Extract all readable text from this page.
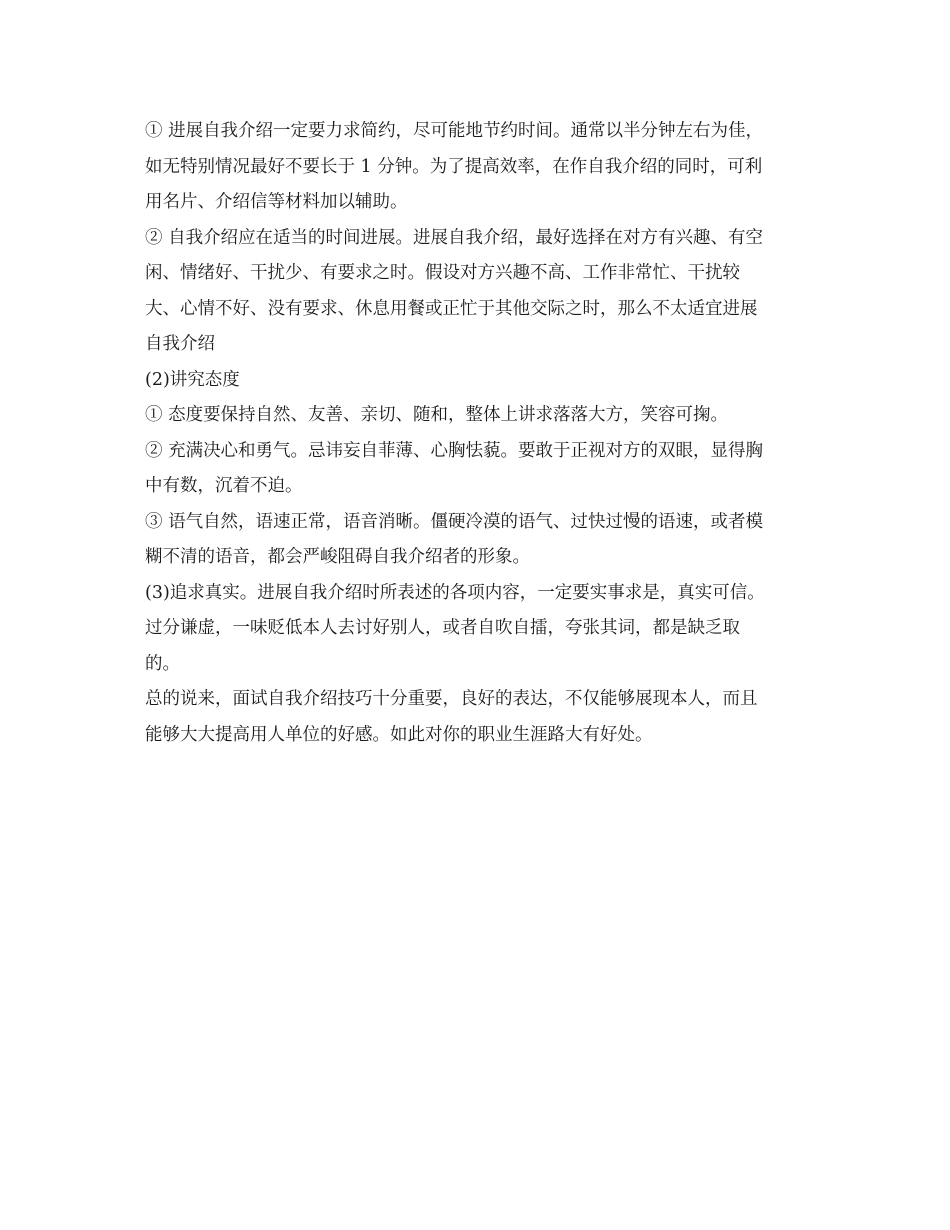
① 进展自我介绍一定要力求简约，尽可能地节约时间。通常以半分钟左右为佳，
如无特别情况最好不要长于 1 分钟。为了提高效率，在作自我介绍的同时，可利
用名片、介绍信等材料加以辅助。
② 自我介绍应在适当的时间进展。进展自我介绍，最好选择在对方有兴趣、有空
闲、情绪好、干扰少、有要求之时。假设对方兴趣不高、工作非常忙、干扰较
大、心情不好、没有要求、休息用餐或正忙于其他交际之时，那么不太适宜进展
自我介绍
(2)讲究态度
① 态度要保持自然、友善、亲切、随和，整体上讲求落落大方，笑容可掬。
② 充满决心和勇气。忌讳妄自菲薄、心胸怯藐。要敢于正视对方的双眼，显得胸
中有数，沉着不迫。
③ 语气自然，语速正常，语音消晰。僵硬冷漠的语气、过快过慢的语速，或者模
糊不清的语音，都会严峻阻碍自我介绍者的形象。
(3)追求真实。进展自我介绍时所表述的各项内容，一定要实事求是，真实可信。
过分谦虚，一味贬低本人去讨好别人，或者自吹自擂，夸张其词，都是缺乏取
的。
总的说来，面试自我介绍技巧十分重要，良好的表达，不仅能够展现本人，而且
能够大大提高用人单位的好感。如此对你的职业生涯路大有好处。
